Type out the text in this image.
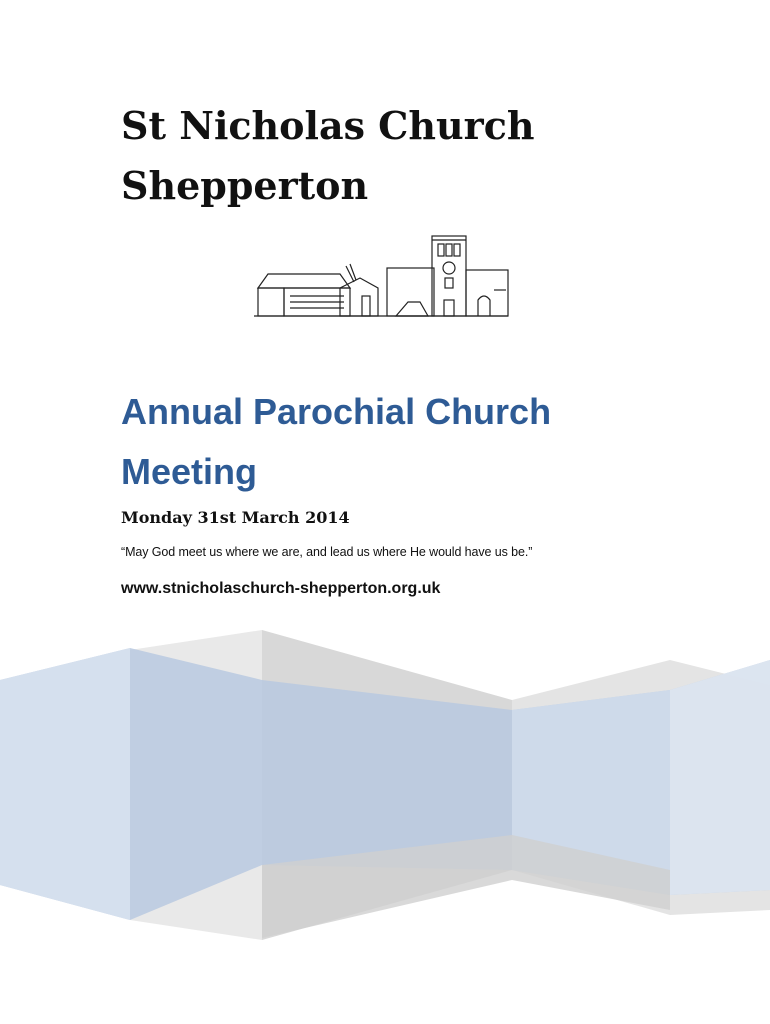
St Nicholas Church
Shepperton
Annual Parochial Church
Meeting

Monday 31st March 2014

“May God meet us where we are, and lead us where He would have us be.”

www.stnicholaschurch-shepperton.org.uk
